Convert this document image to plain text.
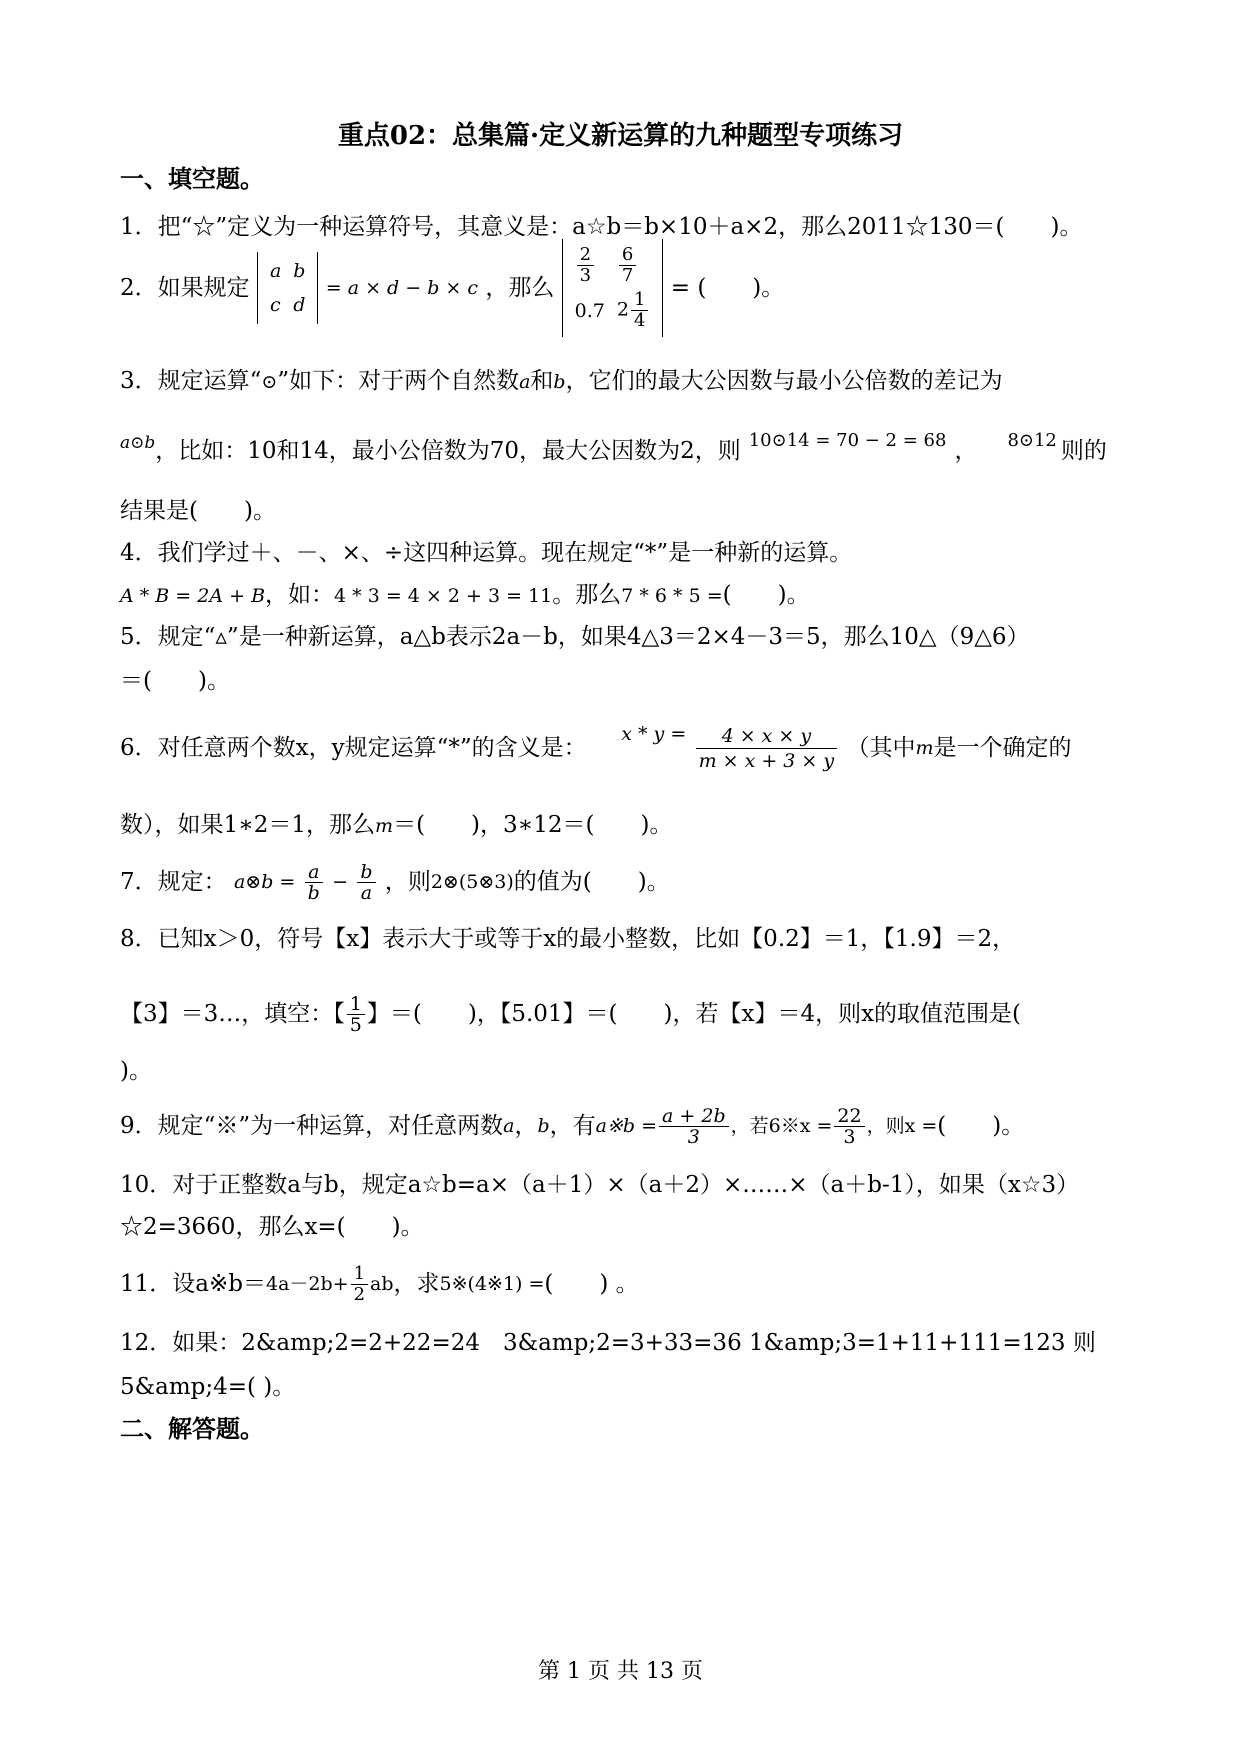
重点02：总集篇·定义新运算的九种题型专项练习
一、填空题。
1．把“☆”定义为一种运算符号，其意义是：a☆b＝b×10＋a×2，那么2011☆130＝(　　)。
2．如果规定
a	b
c	d
= a × d − b × c ，那么
$\frac{2}{3}$	$\frac{6}{7}$

0.7	$2 \frac{1}{4}$
= (　　)。
3．规定运算“⊙”如下：对于两个自然数a和b，它们的最大公因数与最小公倍数的差记为
$^{a⊙b}$，比如：10和14，最小公倍数为70，最大公因数为2，则 $^{10⊙14 = 70 - 2 = 68}$ ， $^{8⊙12}$ 则的
结果是(　　)。
4．我们学过＋、－、×、÷这四种运算。现在规定“*”是一种新的运算。
A * B = 2A + B，如：4 * 3 = 4 × 2 + 3 = 11。那么7 * 6 * 5 =(　　)。
5．规定“▵”是一种新运算，a△b表示2a－b，如果4△3＝2×4－3＝5，那么10△（9△6）
＝(　　)。
6．对任意两个数x，y规定运算“*”的含义是：  $x * y = \frac{4 \times x \times y}{m \times x + 3 \times y}$ （其中m是一个确定的
数），如果1∗2＝1，那么m＝(　　)，3∗12＝(　　)。
7．规定： a⊗b = $\frac{a}{b} - \frac{b}{a}$ ，则2⊗(5⊗3)的值为(　　)。
8．已知x＞0，符号【x】表示大于或等于x的最小整数，比如【0.2】＝1，【1.9】＝2，
【3】＝3…，填空：【 $\frac{1}{5}$ 】＝(　　)，【5.01】＝(　　)，若【x】＝4，则x的取值范围是(
)。
9．规定“※”为一种运算，对任意两数a，b，有a※b = $\frac{a + 2b}{3}$ ，若6※x = $\frac{22}{3}$ ，则x =(　　)。
10．对于正整数a与b，规定a☆b=a×（a＋1）×（a＋2）×……×（a＋b-1），如果（x☆3）
☆2=3660，那么x=(　　)。
11．设a※b＝4a－2b+ $\frac{1}{2}$ ab，求5※(4※1) =(　　) 。
12．如果：2&amp;2=2+22=24　3&amp;2=3+33=36 1&amp;3=1+11+111=123 则
5&amp;4=( )。
二、解答题。
第 1 页 共 13 页
